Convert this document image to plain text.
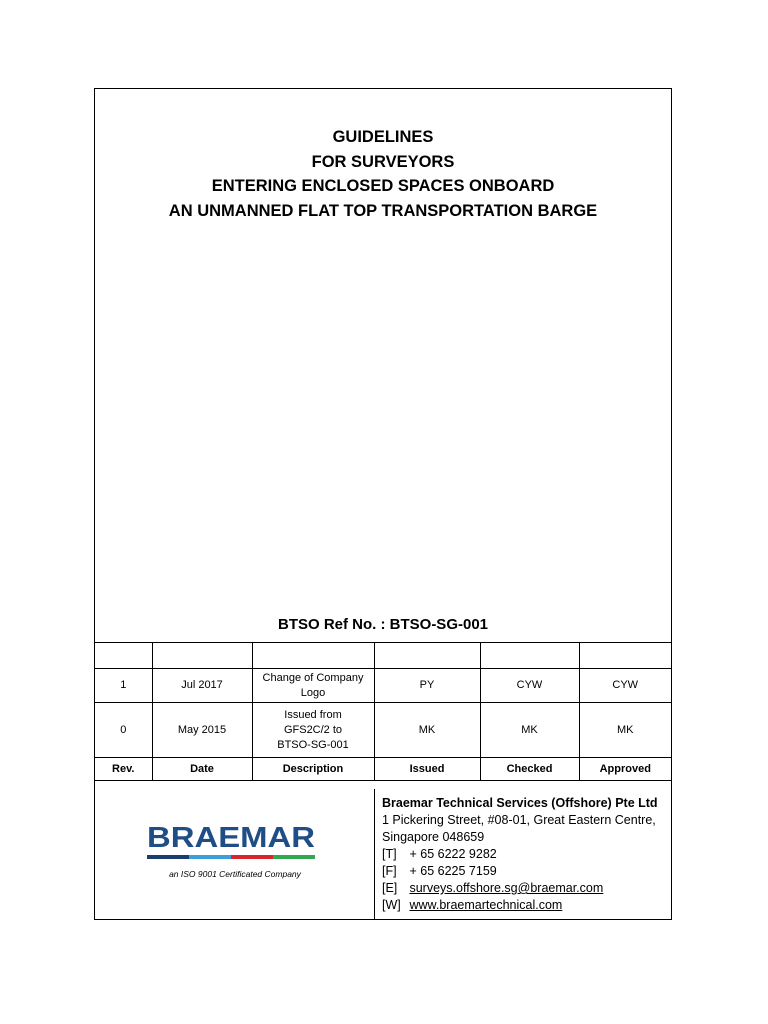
GUIDELINES
FOR SURVEYORS
ENTERING ENCLOSED SPACES ONBOARD
AN UNMANNED FLAT TOP TRANSPORTATION BARGE
BTSO Ref No. : BTSO-SG-001

1	Jul 2017	Change of Company Logo	PY	CYW	CYW
0	May 2015	Issued from GFS2C/2 to BTSO-SG-001	MK	MK	MK
Rev.	Date	Description	Issued	Checked	Approved
BRAEMAR
an ISO 9001 Certificated Company
Braemar Technical Services (Offshore) Pte Ltd
1 Pickering Street, #08-01, Great Eastern Centre,
Singapore 048659
[T] + 65 6222 9282
[F] + 65 6225 7159
[E] surveys.offshore.sg@braemar.com
[W] www.braemartechnical.com
